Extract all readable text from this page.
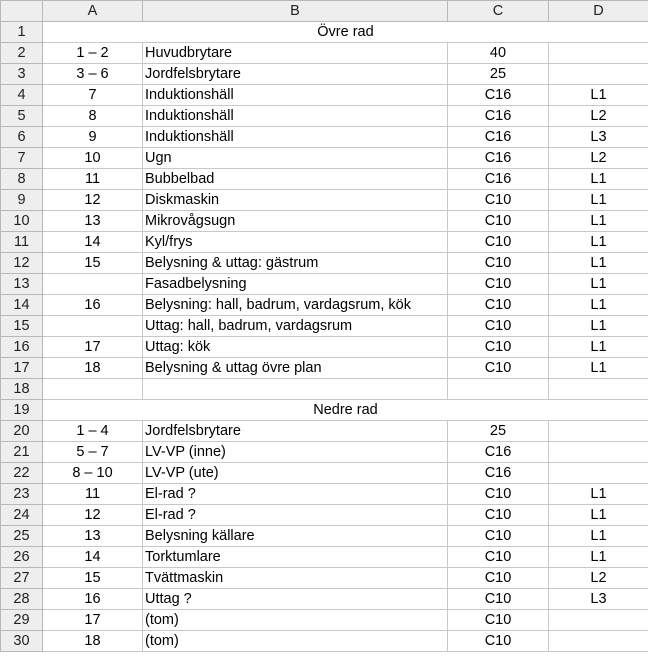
	A	B	C	D
1	Övre rad			
2	1 – 2	Huvudbrytare	40	
3	3 – 6	Jordfelsbrytare	25	
4	7	Induktionshäll	C16	L1
5	8	Induktionshäll	C16	L2
6	9	Induktionshäll	C16	L3
7	10	Ugn	C16	L2
8	11	Bubbelbad	C16	L1
9	12	Diskmaskin	C10	L1
10	13	Mikrovågsugn	C10	L1
11	14	Kyl/frys	C10	L1
12	15	Belysning & uttag: gästrum	C10	L1
13		Fasadbelysning	C10	L1
14	16	Belysning: hall, badrum, vardagsrum, kök	C10	L1
15		Uttag: hall, badrum, vardagsrum	C10	L1
16	17	Uttag: kök	C10	L1
17	18	Belysning & uttag övre plan	C10	L1
18				
19	Nedre rad			
20	1 – 4	Jordfelsbrytare	25	
21	5 – 7	LV-VP (inne)	C16	
22	8 – 10	LV-VP (ute)	C16	
23	11	El-rad ?	C10	L1
24	12	El-rad ?	C10	L1
25	13	Belysning källare	C10	L1
26	14	Torktumlare	C10	L1
27	15	Tvättmaskin	C10	L2
28	16	Uttag ?	C10	L3
29	17	(tom)	C10	
30	18	(tom)	C10	
